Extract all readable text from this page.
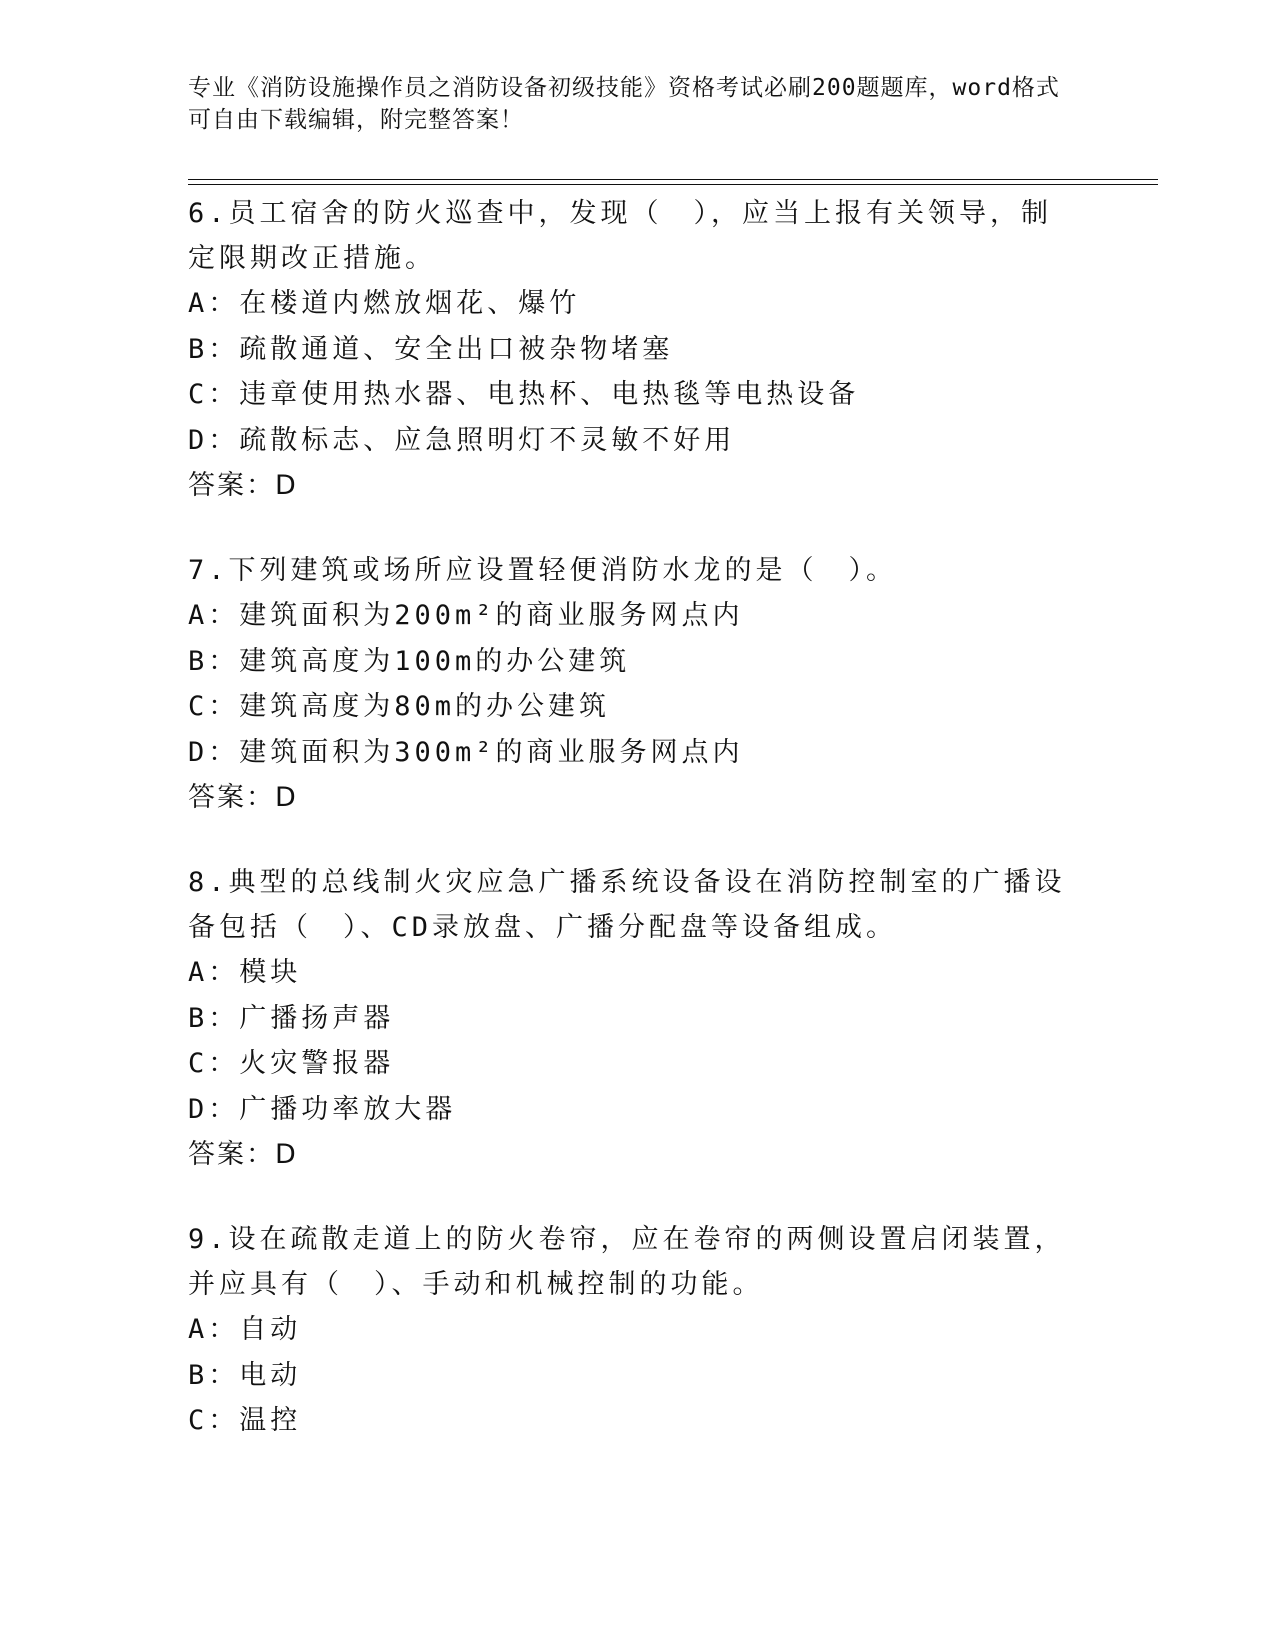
专业《消防设施操作员之消防设备初级技能》资格考试必刷200题题库，word格式可自由下载编辑，附完整答案！
6.员工宿舍的防火巡查中，发现（　），应当上报有关领导，制定限期改正措施。
A：在楼道内燃放烟花、爆竹
B：疏散通道、安全出口被杂物堵塞
C：违章使用热水器、电热杯、电热毯等电热设备
D：疏散标志、应急照明灯不灵敏不好用
答案：D
7.下列建筑或场所应设置轻便消防水龙的是（　）。
A：建筑面积为200m²的商业服务网点内
B：建筑高度为100m的办公建筑
C：建筑高度为80m的办公建筑
D：建筑面积为300m²的商业服务网点内
答案：D
8.典型的总线制火灾应急广播系统设备设在消防控制室的广播设备包括（　）、CD录放盘、广播分配盘等设备组成。
A：模块
B：广播扬声器
C：火灾警报器
D：广播功率放大器
答案：D
9.设在疏散走道上的防火卷帘，应在卷帘的两侧设置启闭装置，并应具有（　）、手动和机械控制的功能。
A：自动
B：电动
C：温控
